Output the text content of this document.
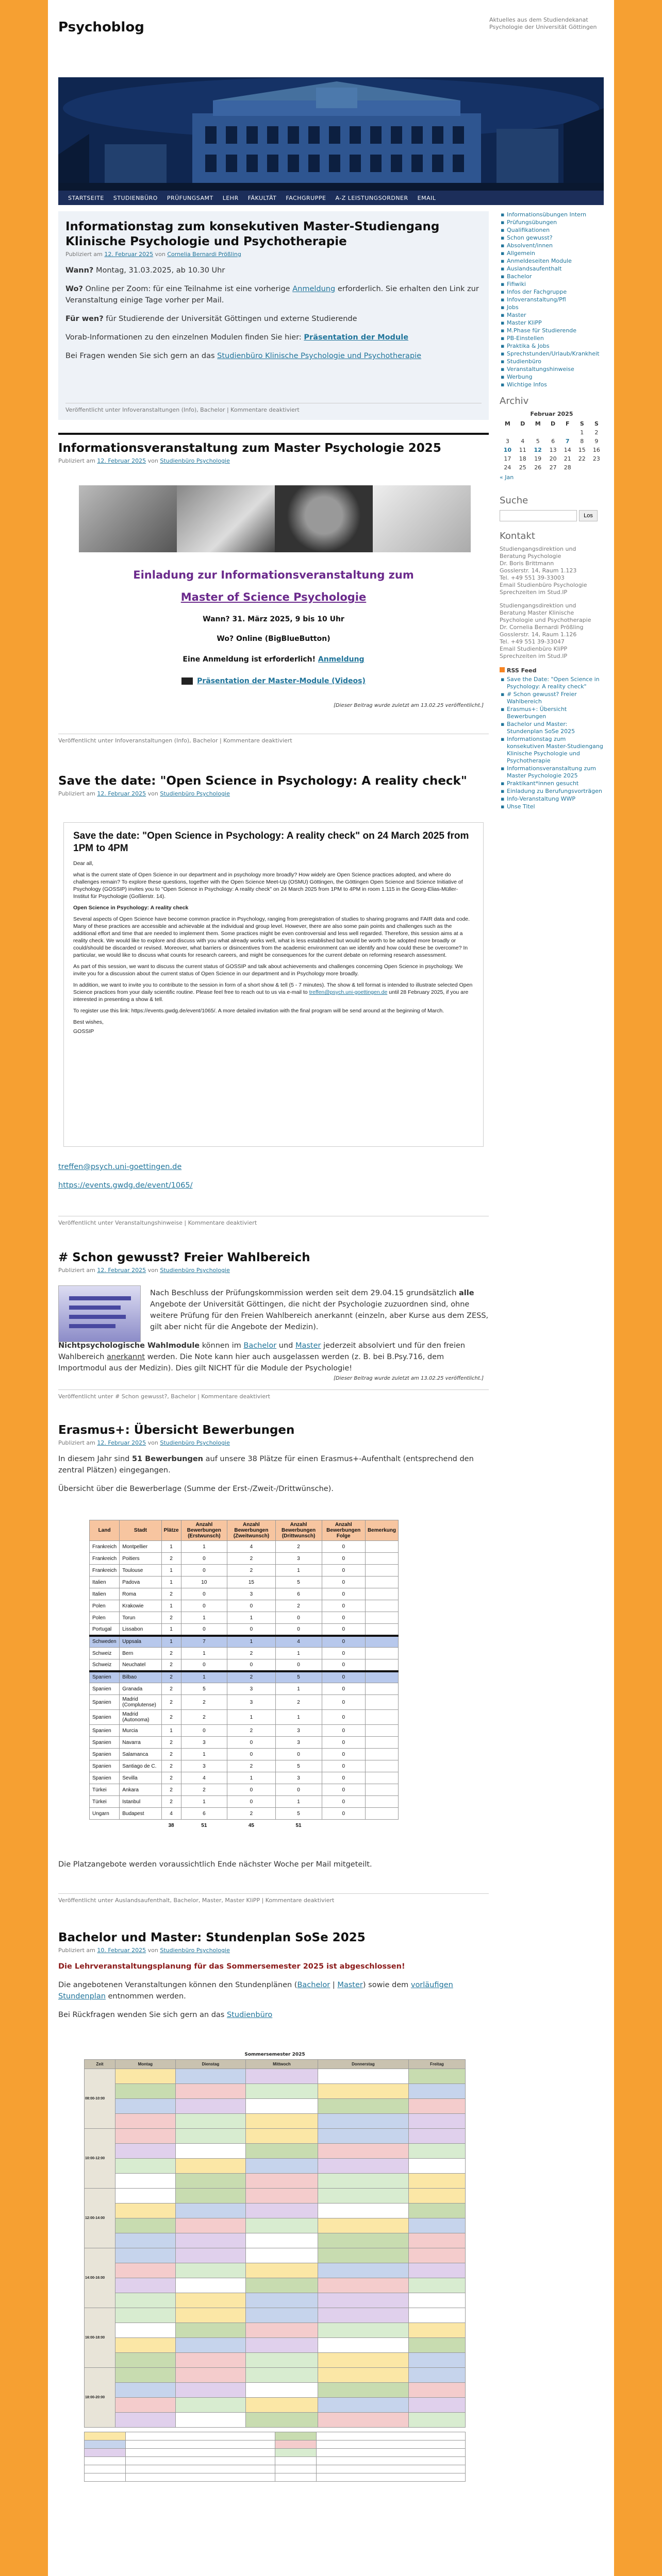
Psychoblog	Aktuelles aus dem Studiendekanat Psychologie der Universität Göttingen
STARTSEITE	STUDIENBÜRO	PRÜFUNGSAMT	LEHR	FÄKULTÄT	FACHGRUPPE	A-Z LEISTUNGSORDNER	EMAIL
Informationstag zum konsekutiven Master-Studiengang Klinische Psychologie und Psychotherapie
Publiziert am 12. Februar 2025 von Cornelia Bernardi Prößling

Wann? Montag, 31.03.2025, ab 10.30 Uhr

Wo? Online per Zoom: für eine Teilnahme ist eine vorherige Anmeldung erforderlich. Sie erhalten den Link zur Veranstaltung einige Tage vorher per Mail.

Für wen? für Studierende der Universität Göttingen und externe Studierende

Vorab-Informationen zu den einzelnen Modulen finden Sie hier: Präsentation der Module

Bei Fragen wenden Sie sich gern an das Studienbüro Klinische Psychologie und Psychotherapie

Veröffentlicht unter Infoveranstaltungen (Info), Bachelor | Kommentare deaktiviert
Informationsveranstaltung zum Master Psychologie 2025
Publiziert am 12. Februar 2025 von Studienbüro Psychologie
Einladung zur Informationsveranstaltung zum
Master of Science Psychologie
Wann? 31. März 2025, 9 bis 10 Uhr
Wo? Online (BigBlueButton)
Eine Anmeldung ist erforderlich! Anmeldung
Präsentation der Master-Module (Videos)
[Dieser Beitrag wurde zuletzt am 13.02.25 veröffentlicht.]
Veröffentlicht unter Infoveranstaltungen (Info), Bachelor | Kommentare deaktiviert
Save the date: "Open Science in Psychology: A reality check"
Publiziert am 12. Februar 2025 von Studienbüro Psychologie
Save the date: "Open Science in Psychology: A reality check" on 24 March 2025 from 1PM to 4PM

Dear all,

what is the current state of Open Science in our department and in psychology more broadly? How widely are Open Science practices adopted, and where do challenges remain? To explore these questions, together with the Open Science Meet-Up (OSMU) Göttingen, the Göttingen Open Science and Science Initiative of Psychology (GOSSIP) invites you to "Open Science in Psychology: A reality check" on 24 March 2025 from 1PM to 4PM in room 1.115 in the Georg-Elias-Müller-Institut für Psychologie (Goßlerstr. 14).

Open Science in Psychology: A reality check

Several aspects of Open Science have become common practice in Psychology, ranging from preregistration of studies to sharing programs and FAIR data and code. Many of these practices are accessible and achievable at the individual and group level. However, there are also some pain points and challenges such as the additional effort and time that are needed to implement them. Some practices might be even controversial and less well regarded. Therefore, this session aims at a reality check. We would like to explore and discuss with you what already works well, what is less established but would be worth to be adopted more broadly or could/should be discarded or revised. Moreover, what barriers or disincentives from the academic environment can we identify and how could these be overcome? In particular, we would like to discuss what counts for research careers, and might be consequences for the current debate on reforming research assessment.

As part of this session, we want to discuss the current status of GOSSIP and talk about achievements and challenges concerning Open Science in psychology. We invite you for a discussion about the current status of Open Science in our department and in Psychology more broadly.

In addition, we want to invite you to contribute to the session in form of a short show & tell (5 - 7 minutes). The show & tell format is intended to illustrate selected Open Science practices from your daily scientific routine. Please feel free to reach out to us via e-mail to treffen@psych.uni-goettingen.de until 28 February 2025, if you are interested in presenting a show & tell.

To register use this link: https://events.gwdg.de/event/1065/. A more detailed invitation with the final program will be send around at the beginning of March.

Best wishes,

GOSSIP

treffen@psych.uni-goettingen.de

https://events.gwdg.de/event/1065/

Veröffentlicht unter Veranstaltungshinweise | Kommentare deaktiviert
# Schon gewusst? Freier Wahlbereich
Publiziert am 12. Februar 2025 von Studienbüro Psychologie

Nach Beschluss der Prüfungskommission werden seit dem 29.04.15 grundsätzlich alle Angebote der Universität Göttingen, die nicht der Psychologie zuzuordnen sind, ohne weitere Prüfung für den Freien Wahlbereich anerkannt (einzeln, aber Kurse aus dem ZESS, gilt aber nicht für die Angebote der Medizin).

Nichtpsychologische Wahlmodule können im Bachelor und Master jederzeit absolviert und für den freien Wahlbereich anerkannt werden. Die Note kann hier auch ausgelassen werden (z. B. bei B.Psy.716, dem Importmodul aus der Medizin). Dies gilt NICHT für die Module der Psychologie!

[Dieser Beitrag wurde zuletzt am 13.02.25 veröffentlicht.]
Veröffentlicht unter # Schon gewusst?, Bachelor | Kommentare deaktiviert
Erasmus+: Übersicht Bewerbungen
Publiziert am 12. Februar 2025 von Studienbüro Psychologie

In diesem Jahr sind 51 Bewerbungen auf unsere 38 Plätze für einen Erasmus+-Aufenthalt (entsprechend den zentral Plätzen) eingegangen.

Übersicht über die Bewerberlage (Summe der Erst-/Zweit-/Drittwünsche).

Land	Stadt	Plätze	Anzahl Bewerbungen (Erstwunsch)	Anzahl Bewerbungen (Zweitwunsch)	Anzahl Bewerbungen (Drittwunsch)	Anzahl Bewerbungen Folge	Bemerkung
Frankreich	Montpellier	1	1	4	2	0	
Frankreich	Poitiers	2	0	2	3	0	
Frankreich	Toulouse	1	0	2	1	0	
Italien	Padova	1	10	15	5	0	
Italien	Roma	2	0	3	6	0	
Polen	Krakowie	1	0	0	2	0	
Polen	Torun	2	1	1	0	0	
Portugal	Lissabon	1	0	0	0	0	
Schweden	Uppsala	1	7	1	4	0	
Schweiz	Bern	2	1	2	1	0	
Schweiz	Neuchatel	2	0	0	0	0	
Spanien	Bilbao	2	1	2	5	0	
Spanien	Granada	2	5	3	1	0	
Spanien	Madrid (Complutense)	2	2	3	2	0	
Spanien	Madrid (Autonoma)	2	2	1	1	0	
Spanien	Murcia	1	0	2	3	0	
Spanien	Navarra	2	3	0	3	0	
Spanien	Salamanca	2	1	0	0	0	
Spanien	Santiago de C.	2	3	2	5	0	
Spanien	Sevilla	2	4	1	3	0	
Türkei	Ankara	2	2	0	0	0	
Türkei	Istanbul	2	1	0	1	0	
Ungarn	Budapest	4	6	2	5	0	
		38	51	45	51		
Die Platzangebote werden voraussichtlich Ende nächster Woche per Mail mitgeteilt.
Veröffentlicht unter Auslandsaufenthalt, Bachelor, Master, Master KliPP | Kommentare deaktiviert
Bachelor und Master: Stundenplan SoSe 2025
Publiziert am 10. Februar 2025 von Studienbüro Psychologie

Die Lehrveranstaltungsplanung für das Sommersemester 2025 ist abgeschlossen!

Die angebotenen Veranstaltungen können den Stundenplänen (Bachelor | Master) sowie dem vorläufigen Stundenplan entnommen werden.

Bei Rückfragen wenden Sie sich gern an das Studienbüro

Sommersemester 2025
Zeit	Montag	Dienstag	Mittwoch	Donnerstag	Freitag
08:00-10:00					

10:00-12:00					

12:00-14:00					

14:00-16:00					

16:00-18:00					

18:00-20:00					

▪ Informationsübungen Intern
▪ Prüfungsübungen
▪ Qualifikationen
▪ Schon gewusst?
▪ Absolvent/innen
▪ Allgemein
▪ Anmeldeseiten Module
▪ Auslandsaufenthalt
▪ Bachelor
▪ Fifiwiki
▪ Infos der Fachgruppe
▪ Infoveranstaltung/Pfl
▪ Jobs
▪ Master
▪ Master KliPP
▪ M.Phase für Studierende
▪ PB-Einstellen
▪ Praktika & Jobs
▪ Sprechstunden/Urlaub/Krankheit
▪ Studienbüro
▪ Veranstaltungshinweise
▪ Werbung
▪ Wichtige Infos
Archiv
Februar 2025
M	D	M	D	F	S	S
					1	2
3	4	5	6	7	8	9
10	11	12	13	14	15	16
17	18	19	20	21	22	23
24	25	26	27	28		
« Jan
Suche
Los
Kontakt
Studiengangsdirektion und Beratung Psychologie
Dr. Boris Brittmann
Gosslerstr. 14, Raum 1.123
Tel. +49 551 39-33003
Email Studienbüro Psychologie
Sprechzeiten im Stud.IP
Studiengangsdirektion und Beratung Master Klinische Psychologie und Psychotherapie
Dr. Cornelia Bernardi Prößling
Gosslerstr. 14, Raum 1.126
Tel. +49 551 39-33047
Email Studienbüro KliPP
Sprechzeiten im Stud.IP
RSS Feed
▪ Save the Date: "Open Science in Psychology: A reality check"
▪ # Schon gewusst? Freier Wahlbereich
▪ Erasmus+: Übersicht Bewerbungen
▪ Bachelor und Master: Stundenplan SoSe 2025
▪ Informationstag zum konsekutiven Master-Studiengang Klinische Psychologie und Psychotherapie
▪ Informationsveranstaltung zum Master Psychologie 2025
▪ Praktikant*innen gesucht
▪ Einladung zu Berufungsvorträgen
▪ Info-Veranstaltung WWP
▪ Uhse Titel
